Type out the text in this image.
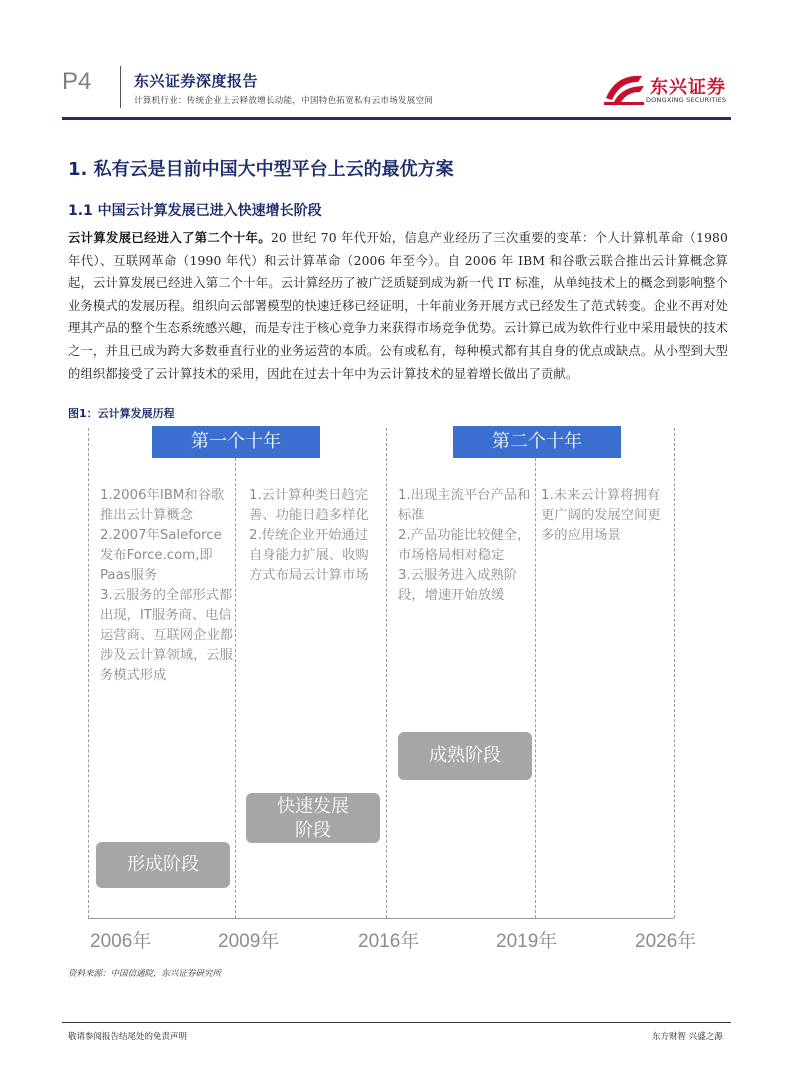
P4	东兴证券深度报告
计算机行业：传统企业上云释放增长动能，中国特色拓宽私有云市场发展空间
东兴证券
DONGXING SECURITIES
1. 私有云是目前中国大中型平台上云的最优方案
1.1 中国云计算发展已进入快速增长阶段
云计算发展已经进入了第二个十年。20 世纪 70 年代开始，信息产业经历了三次重要的变革：个人计算机革命（1980 年代）、互联网革命（1990 年代）和云计算革命（2006 年至今）。自 2006 年 IBM 和谷歌云联合推出云计算概念算起，云计算发展已经进入第二个十年。云计算经历了被广泛质疑到成为新一代 IT 标准，从单纯技术上的概念到影响整个业务模式的发展历程。组织向云部署模型的快速迁移已经证明，十年前业务开展方式已经发生了范式转变。企业不再对处理其产品的整个生态系统感兴趣，而是专注于核心竞争力来获得市场竞争优势。云计算已成为软件行业中采用最快的技术之一，并且已成为跨大多数垂直行业的业务运营的本质。公有或私有，每种模式都有其自身的优点或缺点。从小型到大型的组织都接受了云计算技术的采用，因此在过去十年中为云计算技术的显着增长做出了贡献。
图1：云计算发展历程
第一个十年	第二个十年
1.2006年IBM和谷歌推出云计算概念
2.2007年Saleforce发布Force.com,即Paas服务
3.云服务的全部形式都出现，IT服务商、电信运营商、互联网企业都涉及云计算领域，云服务模式形成
1.云计算种类日趋完善、功能日趋多样化
2.传统企业开始通过自身能力扩展、收购方式布局云计算市场
1.出现主流平台产品和标准
2.产品功能比较健全，市场格局相对稳定
3.云服务进入成熟阶段，增速开始放缓
1.未来云计算将拥有更广阔的发展空间更多的应用场景
形成阶段
快速发展
阶段
成熟阶段
2006年	2009年	2016年	2019年	2026年
资料来源：中国信通院，东兴证券研究所
敬请参阅报告结尾处的免责声明	东方财智 兴盛之源
